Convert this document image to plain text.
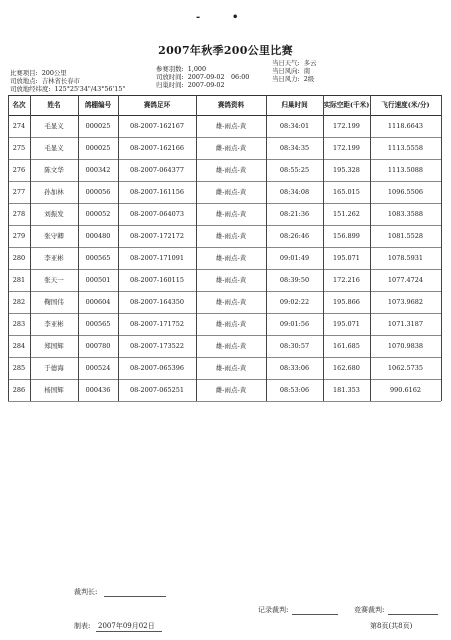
-	•
2007年秋季200公里比赛
比赛项目: 200公里
司放地点: 吉林省长春市
司放地经纬度: 125°25'34"/43°56'15"
参赛羽数: 1,000
司放时间: 2007-09-02　06:00
归巢时间: 2007-09-02
当日天气: 多云
当日风向: 南
当日风力: 2级
名次	姓名	鸽棚编号	赛鸽足环	赛鸽资料	归巢时间	实际空距(千米)	飞行速度(米/分)
274	毛显义	000025	08-2007-162167	雄-雨点-黄	08:34:01	172.199	1118.6643
275	毛显义	000025	08-2007-162166	雌-雨点-黄	08:34:35	172.199	1113.5558
276	陈文华	000342	08-2007-064377	雄-雨点-黄	08:55:25	195.328	1113.5088
277	孙加林	000056	08-2007-161156	雌-雨点-黄	08:34:08	165.015	1096.5506
278	刘振发	000052	08-2007-064073	雄-雨点-黄	08:21:36	151.262	1083.3588
279	张守卿	000480	08-2007-172172	雄-雨点-黄	08:26:46	156.899	1081.5528
280	李亚彬	000565	08-2007-171091	雄-雨点-黄	09:01:49	195.071	1078.5931
281	张天一	000501	08-2007-160115	雄-雨点-黄	08:39:50	172.216	1077.4724
282	鞠国伟	000604	08-2007-164350	雄-雨点-黄	09:02:22	195.866	1073.9682
283	李亚彬	000565	08-2007-171752	雄-雨点-黄	09:01:56	195.071	1071.3187
284	郑国辉	000780	08-2007-173522	雄-雨点-黄	08:30:57	161.685	1070.9838
285	于德海	000524	08-2007-065396	雄-雨点-黄	08:33:06	162.680	1062.5735
286	杨国辉	000436	08-2007-065251	雌-雨点-黄	08:53:06	181.353	990.6162
裁判长:
制表: 2007年09月02日
记录裁判:	竞赛裁判:
第8页(共8页)
